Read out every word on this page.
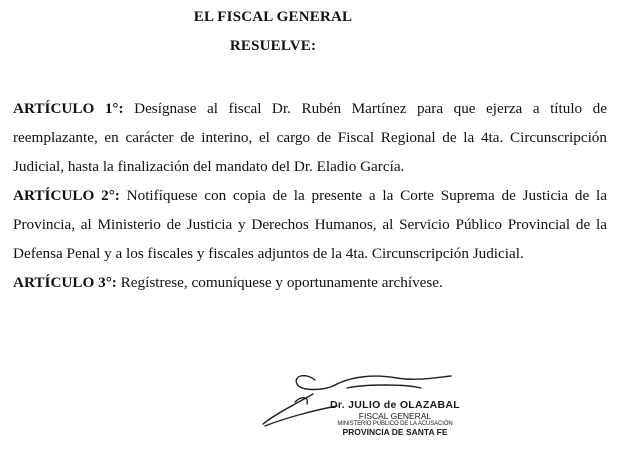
EL FISCAL GENERAL
RESUELVE:

ARTÍCULO 1°: Desígnase al fiscal Dr. Rubén Martínez para que ejerza a título de reemplazante, en carácter de interino, el cargo de Fiscal Regional de la 4ta. Circunscripción Judicial, hasta la finalización del mandato del Dr. Eladio García.

ARTÍCULO 2°: Notifíquese con copia de la presente a la Corte Suprema de Justicia de la Provincia, al Ministerio de Justicia y Derechos Humanos, al Servicio Público Provincial de la Defensa Penal y a los fiscales y fiscales adjuntos de la 4ta. Circunscripción Judicial.

ARTÍCULO 3°: Regístrese, comuníquese y oportunamente archívese.

Dr. JULIO de OLAZABAL
FISCAL GENERAL
MINISTERIO PÚBLICO DE LA ACUSACIÓN
PROVINCIA DE SANTA FE
